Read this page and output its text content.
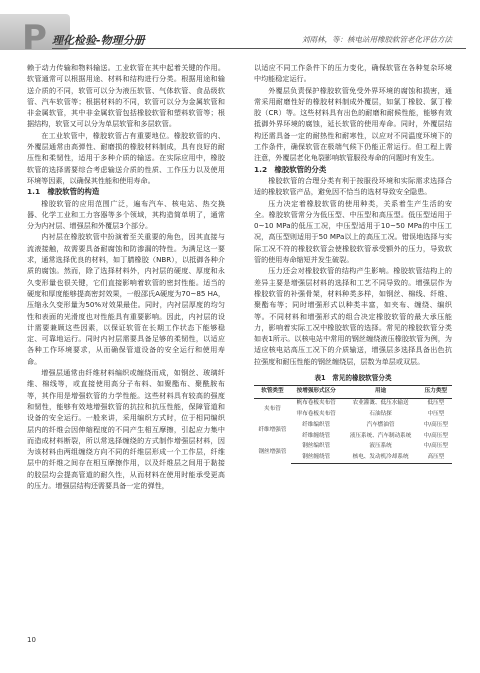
P 理化检验-物理分册	刘雨林，等：核电站用橡胶软管老化评估方法

赖于动力传输和物料输送。工业软管在其中起着关键的作用。软管通常可以根据用途、材料和结构进行分类。根据用途和输送介质的不同，软管可以分为液压软管、气体软管、食品级软管、汽车软管等；根据材料的不同，软管可以分为金属软管和非金属软管，其中非金属软管包括橡胶软管和塑料软管等；根据结构，软管又可以分为单层软管和多层软管。

在工业软管中，橡胶软管占有重要地位。橡胶软管的内、外覆层通常由高弹性、耐磨损的橡胶材料制成，具有良好的耐压性和柔韧性，适用于多种介质的输送。在实际应用中，橡胶软管的选择需要综合考虑输送介质的性质、工作压力以及使用环境等因素，以确保其性能和使用寿命。

1.1　橡胶软管的构造

橡胶软管的应用范围广泛，遍布汽车、核电站、热交换器、化学工业和工力容器等多个领域，其构造简单明了，通常分为内衬层、增强层和外覆层3个部分。

内衬层在橡胶软管中扮演着至关重要的角色，因其直接与流液接触，故需要具备耐腐蚀和防渗漏的特性。为满足这一要求，通常选择优良的材料，如丁腈橡胶（NBR），以抵御各种介质的腐蚀。然而，除了选择材料外，内衬层的硬度、厚度和永久变形量也很关键，它们直接影响着软管的密封性能。适当的硬度和厚度能够提高密封效果，一般邵氏A硬度为70~85 HA，压缩永久变形量为50%对效果最佳。同时，内衬层厚度的均匀性和表面的光滑度也对性能具有重要影响。因此，内衬层的设计需要兼顾这些因素，以保证软管在长期工作状态下能够稳定、可靠地运行。同时内衬层需要具备足够的柔韧性，以适应各种工作环境要求，从而确保管道设备的安全运行和使用寿命。

增强层通常由纤维材料编织或缠绕而成，如钢丝、玻璃纤维、棉线等，或直接使用高分子布料、如聚酯布、聚酰胺布等，其作用是增强软管的力学性能。这些材料具有较高的强度和韧性，能够有效地增强软管的抗拉和抗压性能，保障管道和设备的安全运行。一般来讲，采用编织方式时，位于相同编织层内的纤维会因伸缩程度的不同产生相互摩擦，引起应力集中而造成材料断裂，所以常选择缠绕的方式制作增强层材料，因为该材料由两组缠绕方向不同的纤维层形成一个工作层，纤维层中的纤维之间存在相互摩擦作用，以及纤维层之间用于黏接的胶层均会提高管道的耐久性，从而材料在使用时能承受更高的压力。增强层结构还需要具备一定的弹性，

以适应不同工作条件下的压力变化，确保软管在各种复杂环境中均能稳定运行。

外覆层负责保护橡胶软管免受外界环境的腐蚀和损害，通常采用耐磨性好的橡胶材料制成外覆层，如氯丁橡胶、氯丁橡胶（CR）等。这些材料具有出色的耐磨和耐候性能，能够有效抵御外界环境的腐蚀，延长软管的使用寿命。同时，外覆层结构还需具备一定的耐热性和耐寒性，以应对不同温度环境下的工作条件，确保软管在极端气候下仍能正常运行。但工程上需注意，外覆层老化龟裂影响软管服役寿命的问题时有发生。

1.2　橡胶软管的分类

橡胶软管的合理分类有利于按服役环境和实际需求选择合适的橡胶软管产品，避免因不恰当的选材导致安全隐患。

压力决定着橡胶软管的使用种类，关系着生产生活的安全。橡胶软管常分为低压型、中压型和高压型。低压型适用于0~10 MPa的低压工况，中压型适用于10~50 MPa的中压工况，高压型则适用于50 MPa以上的高压工况。错误地选择与实际工况不符的橡胶软管会使橡胶软管承受额外的压力，导致软管的使用寿命缩短并发生破裂。

压力还会对橡胶软管的结构产生影响。橡胶软管结构上的差异主要是增强层材料的选择和工艺不同导致的。增强层作为橡胶软管的补强骨架，材料种类多样，如钢丝、棉线、纤维、聚酯布等；同时增强形式以种类丰富，如夹布、缠绕、编织等。不同材料和增强形式的组合决定橡胶软管的最大承压能力，影响着实际工况中橡胶软管的选择。常见的橡胶软管分类如表1所示。以核电站中常用的钢丝缠绕液压橡胶软管为例，为适应核电站高压工况下的介质输送，增强层多选择具备出色抗拉强度和耐压性能的钢丝缠绕层，层数为单层或双层。

表1　常见的橡胶软管分类
软管类型	按增强形式区分	用途	压力类型
夹布管	帆布卷板夹布管	农业灌溉、低压水输送	低压型
	审布卷板夹布管	石油钻探	中压型
纤维增强管	纤维编织管	汽车燃油管	中/高压型
	纤维缠绕管	液压系统、汽车制动系统	中/高压型
钢丝增强管	钢丝编织管	液压系统	中/高压型
	钢丝缠绕管	核电、发动机冷却系统	高压型
10
